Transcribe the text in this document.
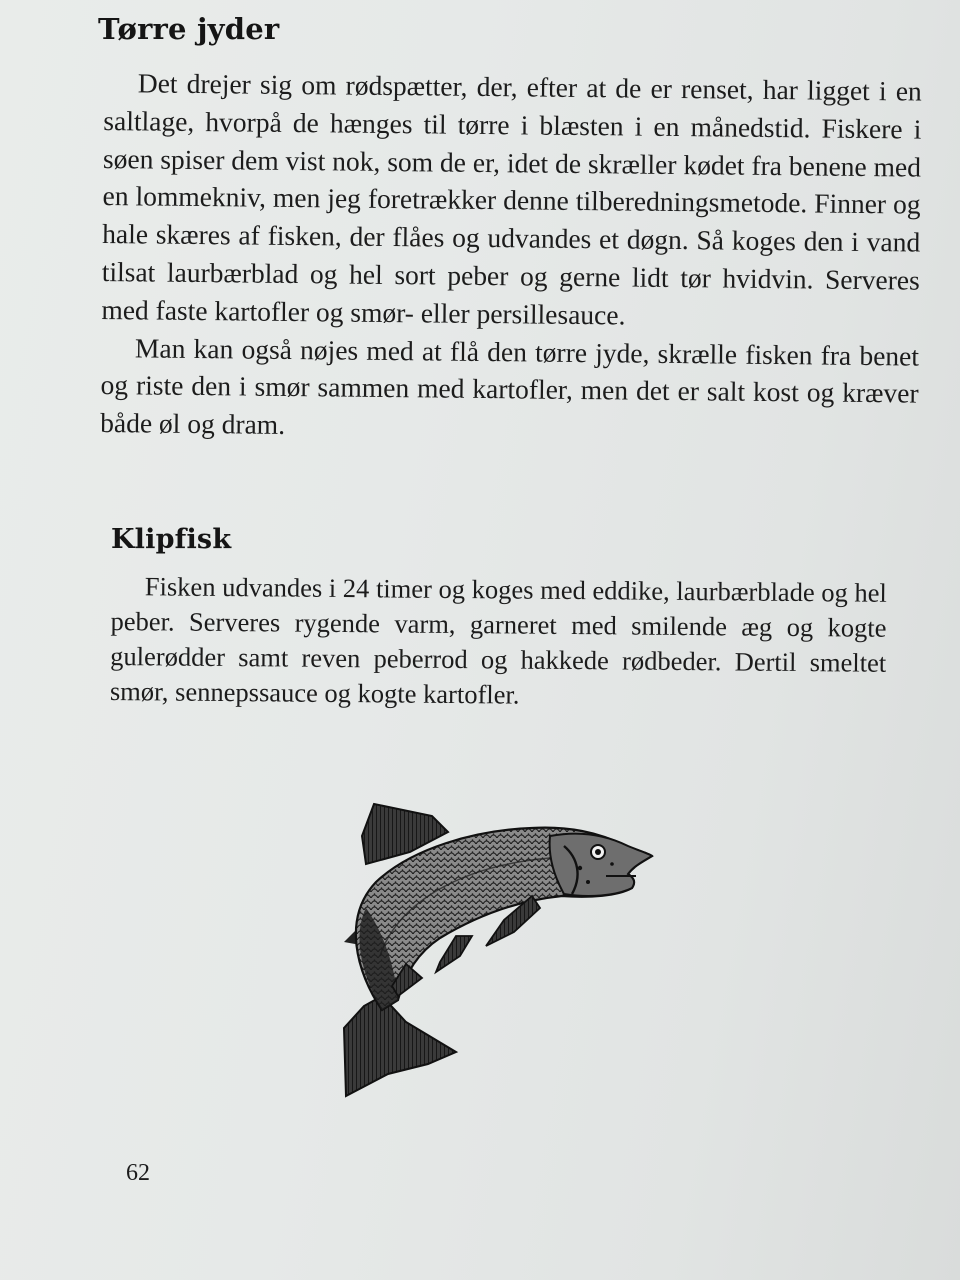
Tørre jyder

Det drejer sig om rødspætter, der, efter at de er renset, har ligget i en saltlage, hvorpå de hænges til tørre i blæsten i en månedstid. Fiskere i søen spiser dem vist nok, som de er, idet de skræller kødet fra benene med en lommekniv, men jeg foretrækker denne tilberedningsmetode. Finner og hale skæres af fisken, der flåes og udvandes et døgn. Så koges den i vand tilsat laurbærblad og hel sort peber og gerne lidt tør hvidvin. Serveres med faste kartofler og smør- eller persillesauce.

Man kan også nøjes med at flå den tørre jyde, skrælle fisken fra benet og riste den i smør sammen med kartofler, men det er salt kost og kræver både øl og dram.

Klipfisk

Fisken udvandes i 24 timer og koges med eddike, laurbærblade og hel peber. Serveres rygende varm, garneret med smilende æg og kogte gulerødder samt reven peberrod og hakkede rødbeder. Dertil smeltet smør, sennepssauce og kogte kartofler.

62
